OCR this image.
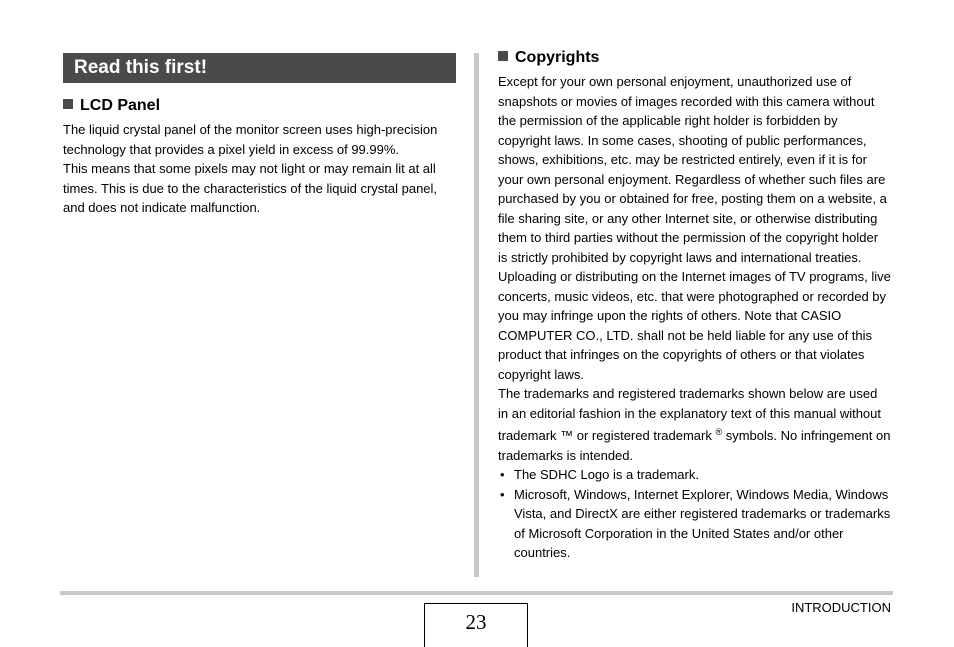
Read this first!
LCD Panel

The liquid crystal panel of the monitor screen uses high-precision technology that provides a pixel yield in excess of 99.99%.

This means that some pixels may not light or may remain lit at all times. This is due to the characteristics of the liquid crystal panel, and does not indicate malfunction.

Copyrights

Except for your own personal enjoyment, unauthorized use of snapshots or movies of images recorded with this camera without the permission of the applicable right holder is forbidden by copyright laws. In some cases, shooting of public performances, shows, exhibitions, etc. may be restricted entirely, even if it is for your own personal enjoyment. Regardless of whether such files are purchased by you or obtained for free, posting them on a website, a file sharing site, or any other Internet site, or otherwise distributing them to third parties without the permission of the copyright holder is strictly prohibited by copyright laws and international treaties.

Uploading or distributing on the Internet images of TV programs, live concerts, music videos, etc. that were photographed or recorded by you may infringe upon the rights of others. Note that CASIO COMPUTER CO., LTD. shall not be held liable for any use of this product that infringes on the copyrights of others or that violates copyright laws.

The trademarks and registered trademarks shown below are used in an editorial fashion in the explanatory text of this manual without trademark ™ or registered trademark ® symbols. No infringement on trademarks is intended.

• The SDHC Logo is a trademark.
• Microsoft, Windows, Internet Explorer, Windows Media, Windows Vista, and DirectX are either registered trademarks or trademarks of Microsoft Corporation in the United States and/or other countries.
23
INTRODUCTION
